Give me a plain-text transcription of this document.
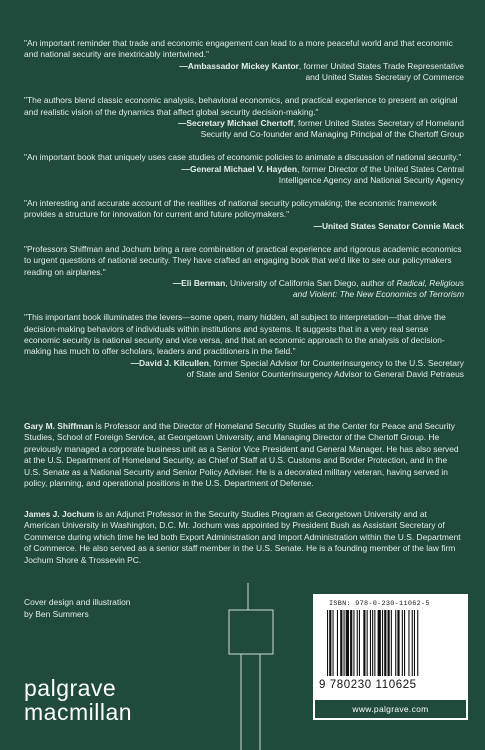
"An important reminder that trade and economic engagement can lead to a more peaceful world and that economic and national security are inextricably intertwined."

—Ambassador Mickey Kantor, former United States Trade Representative
and United States Secretary of Commerce

"The authors blend classic economic analysis, behavioral economics, and practical experience to present an original and realistic vision of the dynamics that affect global security decision-making."

—Secretary Michael Chertoff, former United States Secretary of Homeland
Security and Co-founder and Managing Principal of the Chertoff Group

"An important book that uniquely uses case studies of economic policies to animate a discussion of national security."

—General Michael V. Hayden, former Director of the United States Central
Intelligence Agency and National Security Agency

"An interesting and accurate account of the realities of national security policymaking; the economic framework provides a structure for innovation for current and future policymakers."

—United States Senator Connie Mack

"Professors Shiffman and Jochum bring a rare combination of practical experience and rigorous academic economics to urgent questions of national security. They have crafted an engaging book that we'd like to see our policymakers reading on airplanes."

—Eli Berman, University of California San Diego, author of Radical, Religious
and Violent: The New Economics of Terrorism

"This important book illuminates the levers—some open, many hidden, all subject to interpretation—that drive the decision-making behaviors of individuals within institutions and systems. It suggests that in a very real sense economic security is national security and vice versa, and that an economic approach to the analysis of decision-making has much to offer scholars, leaders and practitioners in the field."

—David J. Kilcullen, former Special Advisor for Counterinsurgency to the U.S. Secretary
of State and Senior Counterinsurgency Advisor to General David Petraeus

Gary M. Shiffman is Professor and the Director of Homeland Security Studies at the Center for Peace and Security Studies, School of Foreign Service, at Georgetown University, and Managing Director of the Chertoff Group. He previously managed a corporate business unit as a Senior Vice President and General Manager. He has also served at the U.S. Department of Homeland Security, as Chief of Staff at U.S. Customs and Border Protection, and in the U.S. Senate as a National Security and Senior Policy Adviser. He is a decorated military veteran, having served in policy, planning, and operational positions in the U.S. Department of Defense.

James J. Jochum is an Adjunct Professor in the Security Studies Program at Georgetown University and at American University in Washington, D.C. Mr. Jochum was appointed by President Bush as Assistant Secretary of Commerce during which time he led both Export Administration and Import Administration within the U.S. Department of Commerce. He also served as a senior staff member in the U.S. Senate. He is a founding member of the law firm Jochum Shore & Trossevin PC.

Cover design and illustration
by Ben Summers
palgrave
macmillan
ISBN: 978-0-230-11062-5
9 780230 110625
www.palgrave.com
